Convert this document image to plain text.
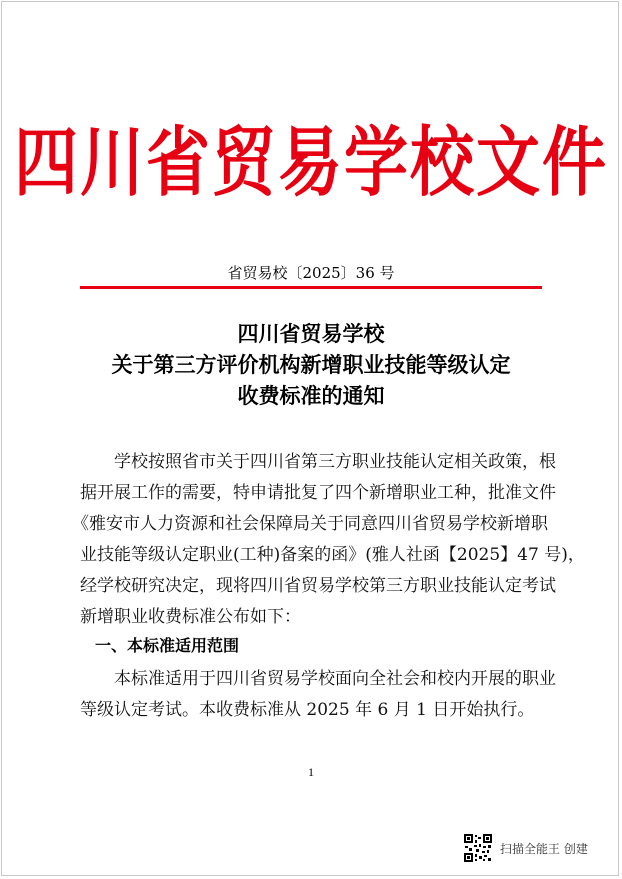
四川省贸易学校文件
省贸易校〔2025〕36 号
四川省贸易学校
关于第三方评价机构新增职业技能等级认定
收费标准的通知
学校按照省市关于四川省第三方职业技能认定相关政策，根
据开展工作的需要，特申请批复了四个新增职业工种，批准文件
《雅安市人力资源和社会保障局关于同意四川省贸易学校新增职
业技能等级认定职业(工种)备案的函》(雅人社函【2025】47 号)，
经学校研究决定，现将四川省贸易学校第三方职业技能认定考试
新增职业收费标准公布如下：
一、本标准适用范围
本标准适用于四川省贸易学校面向全社会和校内开展的职业
等级认定考试。本收费标准从 2025 年 6 月 1 日开始执行。
1
扫描全能王 创建
